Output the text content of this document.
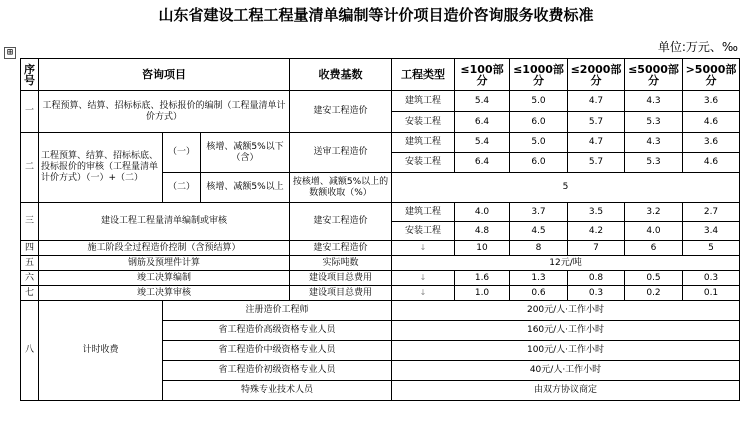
山东省建设工程工程量清单编制等计价项目造价咨询服务收费标准
单位:万元、‰
⊞
序号	咨询项目			收费基数	工程类型	≤100部分	≤1000部分	≤2000部分	≤5000部分	>5000部分
一	工程预算、结算、招标标底、投标报价的编制（工程量清单计价方式）			建安工程造价	建筑工程	5.4	5.0	4.7	4.3	3.6
					安装工程	6.4	6.0	5.7	5.3	4.6
二	工程预算、结算、招标标底、投标报价的审核（工程量清单计价方式）（一）+（二）	（一）	核增、减额5%以下（含）	送审工程造价	建筑工程	5.4	5.0	4.7	4.3	3.6
					安装工程	6.4	6.0	5.7	5.3	4.6
		（二）	核增、减额5%以上	按核增、减额5%以上的数额收取（%）	5					
三	建设工程工程量清单编制或审核			建安工程造价	建筑工程	4.0	3.7	3.5	3.2	2.7
					安装工程	4.8	4.5	4.2	4.0	3.4
四	施工阶段全过程造价控制（含预结算）			建安工程造价	↓	10	8	7	6	5
五	钢筋及预埋件计算			实际吨数	12元/吨					
六	竣工决算编制			建设项目总费用	↓	1.6	1.3	0.8	0.5	0.3
七	竣工决算审核			建设项目总费用	↓	1.0	0.6	0.3	0.2	0.1
八	计时收费	注册造价工程师			200元/人·工作小时					
		省工程造价高级资格专业人员			160元/人·工作小时					
		省工程造价中级资格专业人员			100元/人·工作小时					
		省工程造价初级资格专业人员			40元/人·工作小时					
		特殊专业技术人员			由双方协议商定					
